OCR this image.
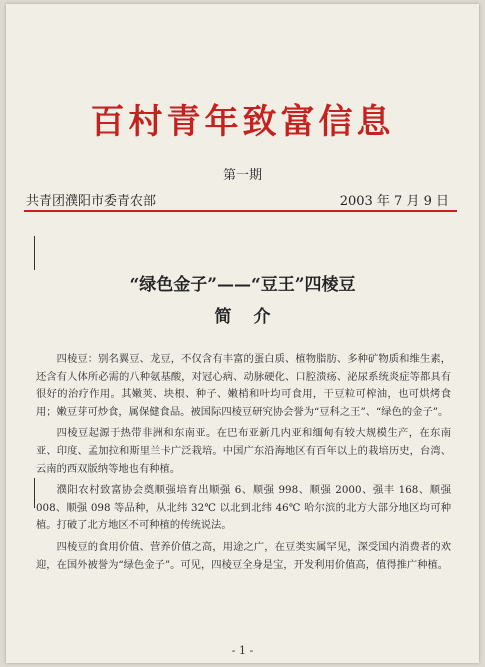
百村青年致富信息
第一期
共青团濮阳市委青农部	2003 年 7 月 9 日
“绿色金子”——“豆王”四棱豆
简介

四棱豆：别名翼豆、龙豆，不仅含有丰富的蛋白质、植物脂肪、多种矿物质和维生素，还含有人体所必需的八种氨基酸，对冠心病、动脉硬化、口腔溃疡、泌尿系统炎症等都具有很好的治疗作用。其嫩荚、块根、种子、嫩梢和叶均可食用，干豆粒可榨油，也可烘烤食用；嫩豆芽可炒食，属保健食品。被国际四棱豆研究协会誉为“豆科之王”、“绿色的金子”。

四棱豆起源于热带非洲和东南亚。在巴布亚新几内亚和缅甸有较大规模生产，在东南亚、印度、孟加拉和斯里兰卡广泛栽培。中国广东沿海地区有百年以上的栽培历史，台湾、云南的西双版纳等地也有种植。

濮阳农村致富协会奠顺强培育出顺强 6、顺强 998、顺强 2000、强丰 168、顺强 008、顺强 098 等品种，从北纬 32℃ 以北到北纬 46℃ 哈尔滨的北方大部分地区均可种植。打破了北方地区不可种植的传统说法。

四棱豆的食用价值、营养价值之高，用途之广，在豆类实属罕见，深受国内消费者的欢迎，在国外被誉为“绿色金子”。可见，四棱豆全身是宝，开发利用价值高，值得推广种植。

- 1 -
